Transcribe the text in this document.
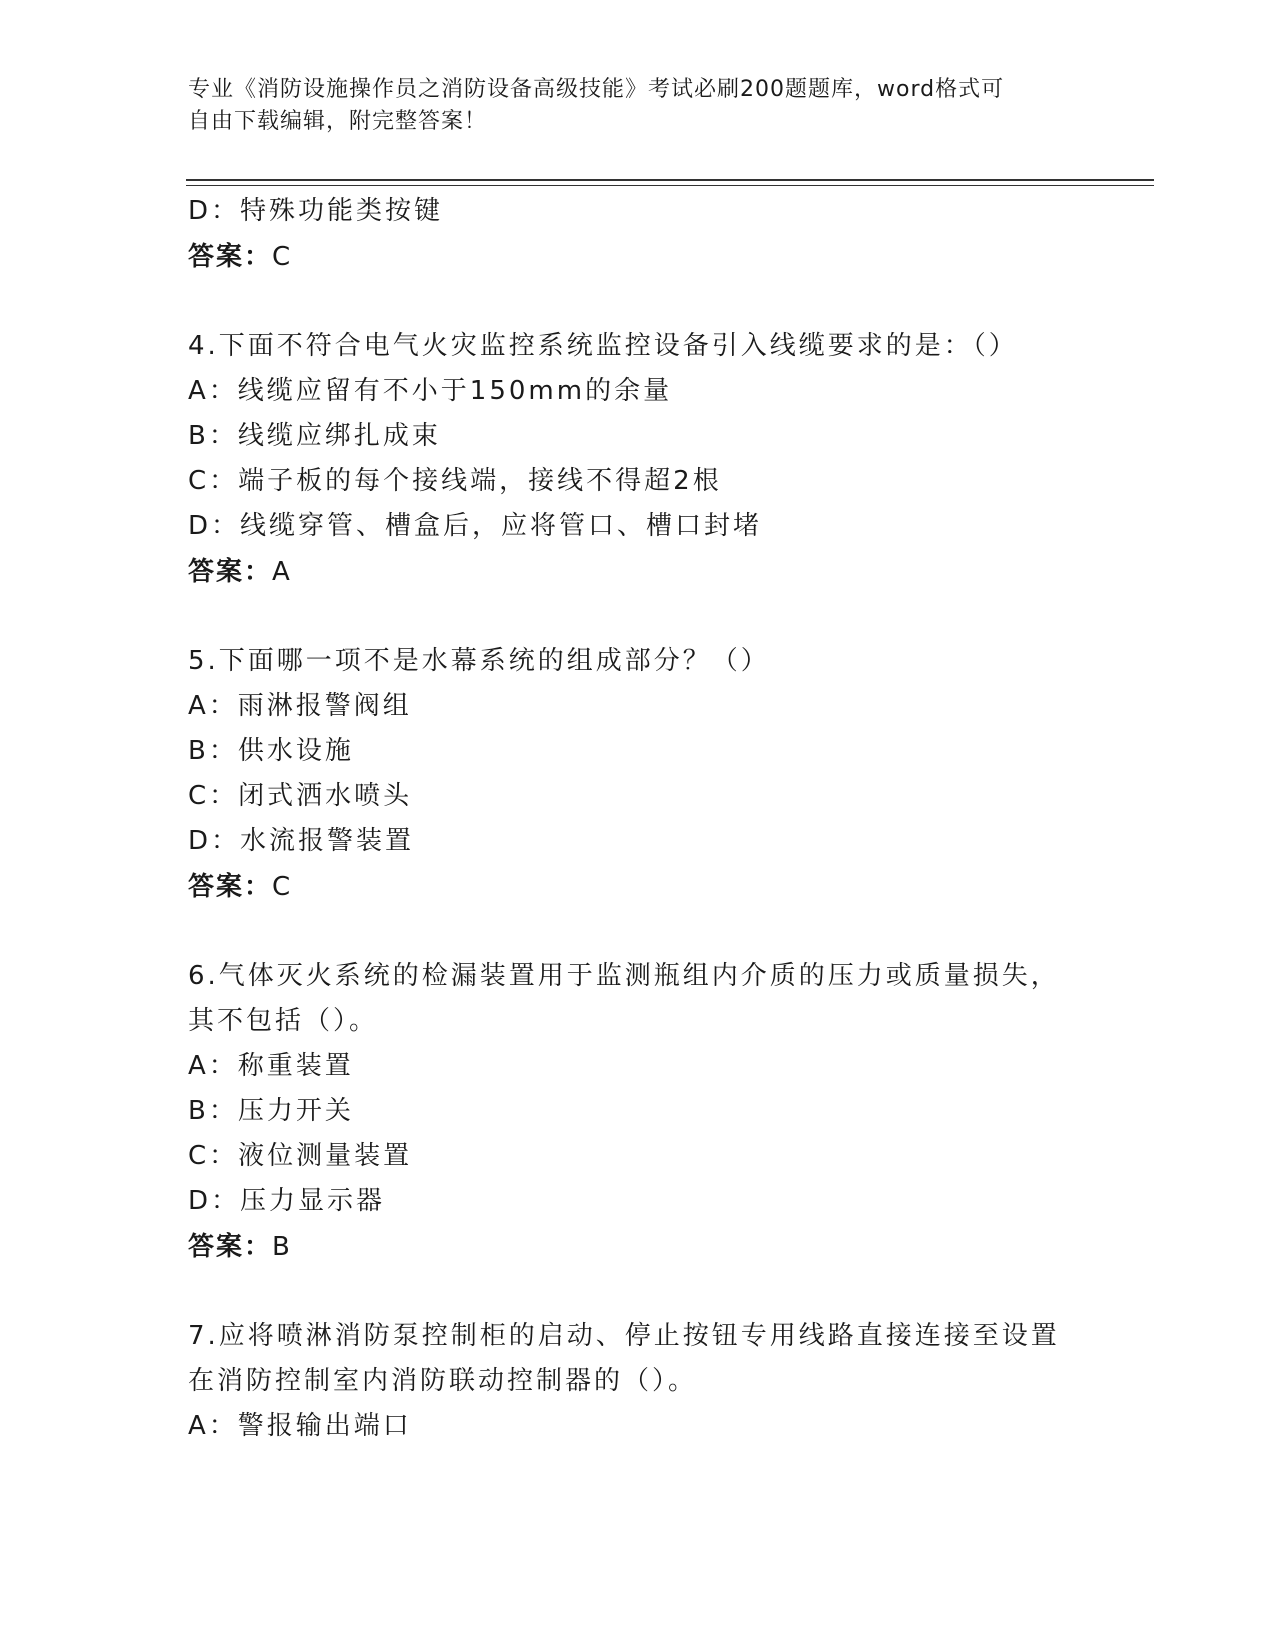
专业《消防设施操作员之消防设备高级技能》考试必刷200题题库，word格式可
自由下载编辑，附完整答案！
D：特殊功能类按键
答案：C
4.下面不符合电气火灾监控系统监控设备引入线缆要求的是：（）
A：线缆应留有不小于150mm的余量
B：线缆应绑扎成束
C：端子板的每个接线端，接线不得超2根
D：线缆穿管、槽盒后，应将管口、槽口封堵
答案：A
5.下面哪一项不是水幕系统的组成部分？（）
A：雨淋报警阀组
B：供水设施
C：闭式洒水喷头
D：水流报警装置
答案：C
6.气体灭火系统的检漏装置用于监测瓶组内介质的压力或质量损失，
其不包括（）。
A：称重装置
B：压力开关
C：液位测量装置
D：压力显示器
答案：B
7.应将喷淋消防泵控制柜的启动、停止按钮专用线路直接连接至设置
在消防控制室内消防联动控制器的（）。
A：警报输出端口
